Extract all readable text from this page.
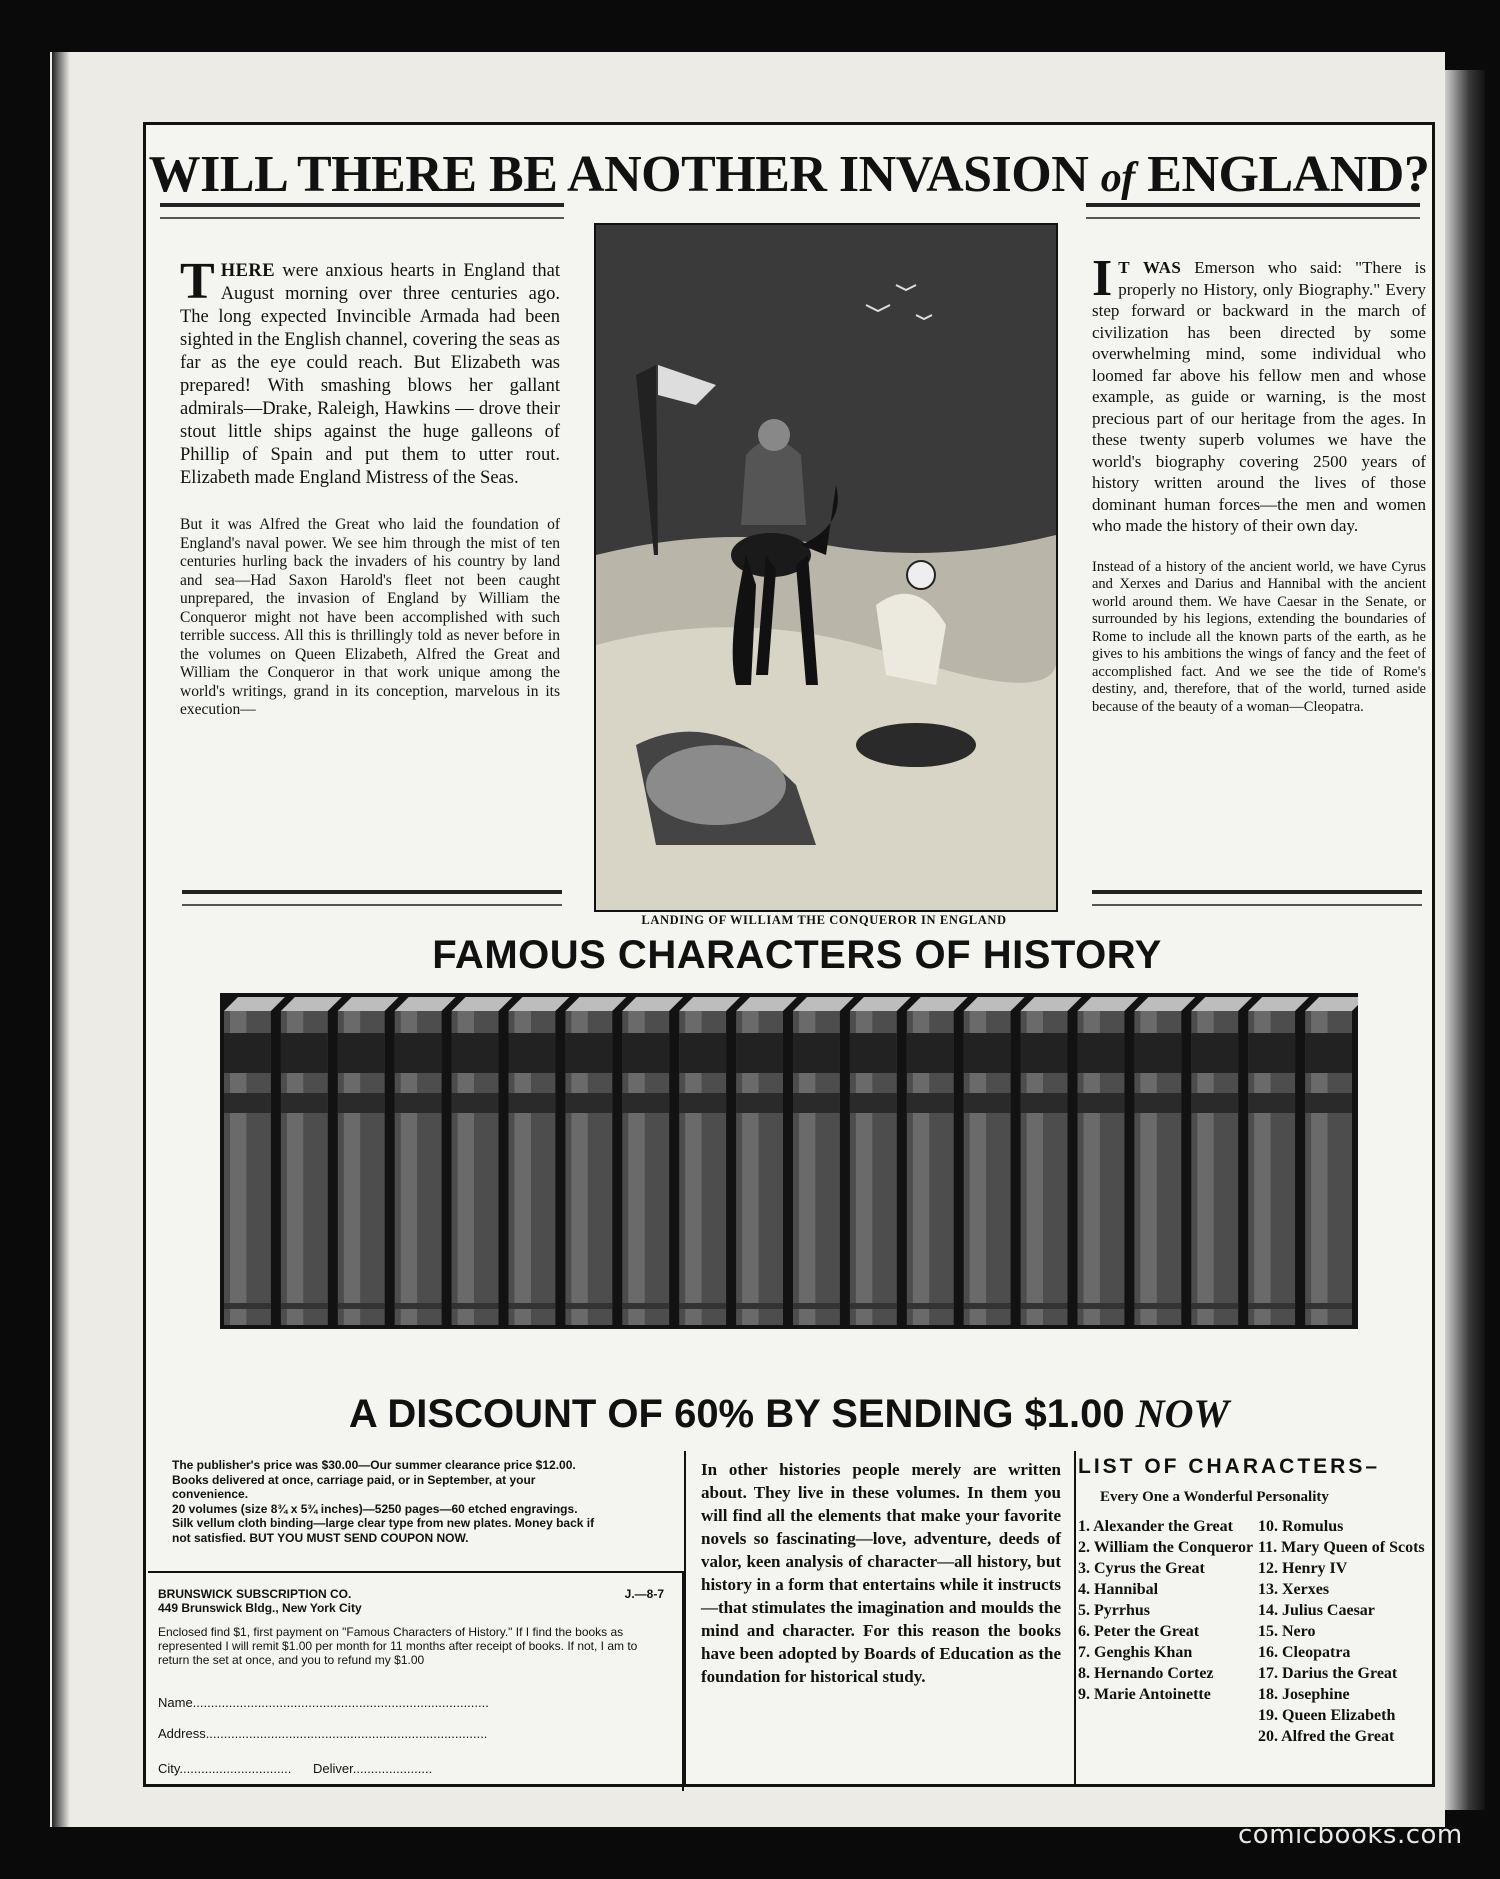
WILL THERE BE ANOTHER INVASION of ENGLAND?

THERE were anxious hearts in England that August morning over three centuries ago. The long expected Invincible Armada had been sighted in the English channel, covering the seas as far as the eye could reach. But Elizabeth was prepared! With smashing blows her gallant admirals—Drake, Raleigh, Hawkins — drove their stout little ships against the huge galleons of Phillip of Spain and put them to utter rout. Elizabeth made England Mistress of the Seas.

But it was Alfred the Great who laid the foundation of England's naval power. We see him through the mist of ten centuries hurling back the invaders of his country by land and sea—Had Saxon Harold's fleet not been caught unprepared, the invasion of England by William the Conqueror might not have been accomplished with such terrible success. All this is thrillingly told as never before in the volumes on Queen Elizabeth, Alfred the Great and William the Conqueror in that work unique among the world's writings, grand in its conception, marvelous in its execution—

LANDING OF WILLIAM THE CONQUEROR IN ENGLAND

I T WAS Emerson who said: "There is properly no History, only Biography." Every step forward or backward in the march of civilization has been directed by some overwhelming mind, some individual who loomed far above his fellow men and whose example, as guide or warning, is the most precious part of our heritage from the ages. In these twenty superb volumes we have the world's biography covering 2500 years of history written around the lives of those dominant human forces—the men and women who made the history of their own day.

Instead of a history of the ancient world, we have Cyrus and Xerxes and Darius and Hannibal with the ancient world around them. We have Caesar in the Senate, or surrounded by his legions, extending the boundaries of Rome to include all the known parts of the earth, as he gives to his ambitions the wings of fancy and the feet of accomplished fact. And we see the tide of Rome's destiny, and, therefore, that of the world, turned aside because of the beauty of a woman—Cleopatra.

FAMOUS CHARACTERS OF HISTORY
A DISCOUNT OF 60% BY SENDING $1.00 NOW
The publisher's price was $30.00—Our summer clearance price $12.00. Books delivered at once, carriage paid, or in September, at your convenience.
20 volumes (size 8¾ x 5¾ inches)—5250 pages—60 etched engravings. Silk vellum cloth binding—large clear type from new plates. Money back if not satisfied. BUT YOU MUST SEND COUPON NOW.
BRUNSWICK SUBSCRIPTION CO.
449 Brunswick Bldg., New York City
J.—8-7
Enclosed find $1, first payment on "Famous Characters of History." If I find the books as represented I will remit $1.00 per month for 11 months after receipt of books. If not, I am to return the set at once, and you to refund my $1.00
Name..................................................................................
Address..............................................................................
City............................... Deliver......................
In other histories people merely are written about. They live in these volumes. In them you will find all the elements that make your favorite novels so fascinating—love, adventure, deeds of valor, keen analysis of character—all history, but history in a form that entertains while it instructs—that stimulates the imagination and moulds the mind and character. For this reason the books have been adopted by Boards of Education as the foundation for historical study.
LIST OF CHARACTERS–
Every One a Wonderful Personality
1. Alexander the Great
2. William the Conqueror
3. Cyrus the Great
4. Hannibal
5. Pyrrhus
6. Peter the Great
7. Genghis Khan
8. Hernando Cortez
9. Marie Antoinette
10. Romulus
11. Mary Queen of Scots
12. Henry IV
13. Xerxes
14. Julius Caesar
15. Nero
16. Cleopatra
17. Darius the Great
18. Josephine
19. Queen Elizabeth
20. Alfred the Great
comicbooks.com
